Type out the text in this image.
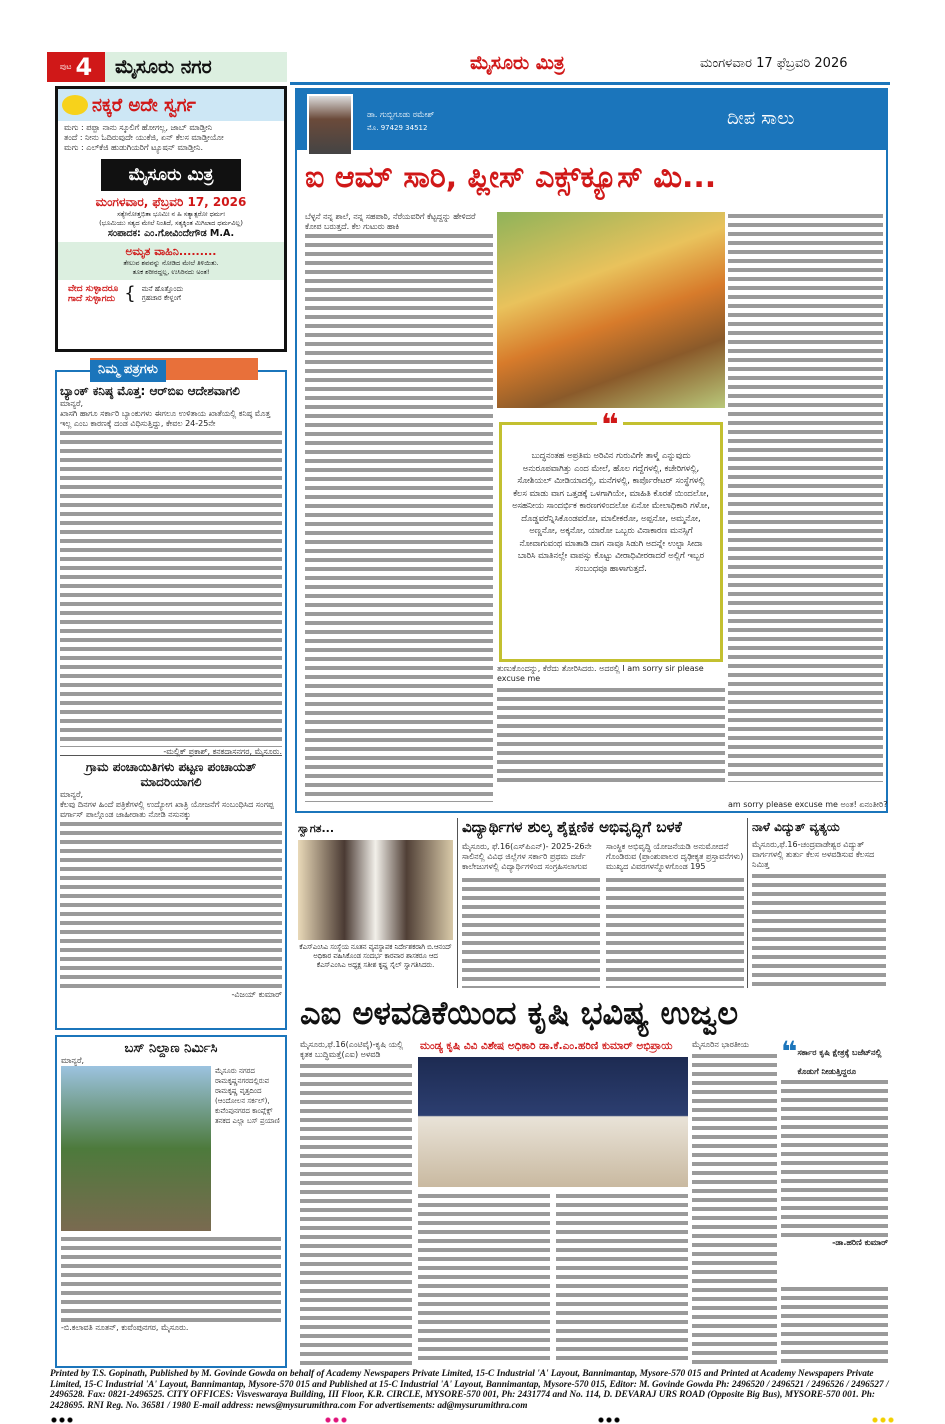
ಪುಟ 4	ಮೈಸೂರು ನಗರ	ಮೈಸೂರು ಮಿತ್ರ	ಮಂಗಳವಾರ 17 ಫೆಬ್ರವರಿ 2026
ನಕ್ಕರೆ ಅದೇ ಸ್ವರ್ಗ
ಮಗು : ಪಪ್ಪಾ ನಾನು ಸ್ಕೂಲಿಗೆ ಹೋಗಲ್ಲ, ಜಾಬ್ ಮಾಡ್ತೀನಿ
ತಂದೆ : ನೀನು ಓದಿರುವುದೇ ಯುಕೆಜಿ, ಏನ್ ಕೆಲಸ ಮಾಡ್ತೀಯೋ
ಮಗು : ಎಲ್‌ಕೆಜಿ ಹುಡುಗಿಯರಿಗೆ ಟ್ಯೂಷನ್ ಮಾಡ್ತೀನಿ.
ಮೈಸೂರು ಮಿತ್ರ
ಮಂಗಳವಾರ, ಫೆಬ್ರವರಿ 17, 2026
ಸತ್ಯೇನೋತ್ತಭಿತಾ ಭೂಮಿಃ ನ ಹಿ ಸತ್ಯಾತ್ಪರೋ ಧರ್ಮಃ
(ಭೂಮಿಯು ಸತ್ಯದ ಮೇಲೆ ನಿಂತಿದೆ, ಸತ್ಯಕ್ಕಿಂತ ಮಿಗಿಲಾದ ಧರ್ಮವಿಲ್ಲ)
ಸಂಪಾದಕ: ಎಂ.ಗೋವಿಂದೇಗೌಡ M.A.
ಅಮೃತ ವಾಹಿನಿ.........
ತೇಲುವ ಶವವನ್ನು ನೋಡಿದ ಮೇಲೆ ತಿಳಿಯಿತು.
ತೂಕ ಶರೀರದ್ದಲ್ಲ, ಉಸಿರಿನದು ಅಂತ!
ವೇದ ಸುಳ್ಳಾದರೂ
ಗಾದೆ ಸುಳ್ಳಾಗದು { ಮನೆ ಹೊತ್ತೊಂದು
ಗ್ರಹಚಾರ ಕೇಳ್ದಂಗೆ
ನಿಮ್ಮ ಪತ್ರಗಳು
ಬ್ಯಾಂಕ್ ಕನಿಷ್ಠ ಮೊತ್ತ: ಆರ್‌ಬಿಐ ಆದೇಶವಾಗಲಿ
ಮಾನ್ಯರೆ,
ಖಾಸಗಿ ಹಾಗೂ ಸರ್ಕಾರಿ ಬ್ಯಾಂಕುಗಳು ಈಗಲೂ ಉಳಿತಾಯ ಖಾತೆಯಲ್ಲಿ ಕನಿಷ್ಠ ಮೊತ್ತ ಇಲ್ಲ ಎಂಬ ಕಾರಣಕ್ಕೆ ದಂಡ ವಿಧಿಸುತ್ತಿದ್ದು, ಕೇವಲ 24-25ನೇ
-ಮಲ್ಲಿಕ್ ಪ್ರಕಾಶ್, ಕನಕದಾಸನಗರ, ಮೈಸೂರು.
ಗ್ರಾಮ ಪಂಚಾಯಿತಿಗಳು ಪಟ್ಟಣ ಪಂಚಾಯತ್ ಮಾದರಿಯಾಗಲಿ
ಮಾನ್ಯರೆ,
ಕೆಲವು ದಿನಗಳ ಹಿಂದೆ ಪತ್ರಿಕೆಗಳಲ್ಲಿ ಉದ್ಯೋಗ ಖಾತ್ರಿ ಯೋಜನೆಗೆ ಸಂಬಂಧಿಸಿದ ಸಂಗಪ್ಪ ವರ್ಗಾಸ್ ಪಾಲ್ಗೊಂಡ ಜಾಹೀರಾತು ನೋಡಿ ನಸುನಕ್ಕು
-ವಿಜಯ್ ಕುಮಾರ್
ಬಸ್ ನಿಲ್ದಾಣ ನಿರ್ಮಿಸಿ
ಮಾನ್ಯರೆ,
ಮೈಸೂರು ನಗರದ ರಾಮಕೃಷ್ಣನಗರದಲ್ಲಿರುವ ರಾಮಕೃಷ್ಣ ವೃತ್ತದಿಂದ (ಆಂದೋಲನ ಸರ್ಕಲ್), ಕುವೆಂಪುನಗರದ ಕಾಂಪ್ಲೆಕ್ಸ್ ತನಕದ ಎಲ್ಲಾ ಬಸ್ ಪ್ರಯಾಣಿ
-ಬಿ.ಕಲಾವತಿ ನೂತನ್, ಕುವೆಂಪುನಗರ, ಮೈಸೂರು.
ಡಾ. ಗುಬ್ಬಿಗೂಡು ರಮೇಶ್
ಮೊ. 97429 34512	ದೀಪ ಸಾಲು
ಐ ಆಮ್ ಸಾರಿ, ಪ್ಲೀಸ್ ಎಕ್ಸ್‌ಕ್ಯೂಸ್ ಮಿ...
ಬೆಳ್ಳನೆ ನನ್ನ ಶಾಲೆ, ನನ್ನ ಸಹಪಾಠಿ, ನೆರೆಯವರಿಗೆ ಕೆಟ್ಟದ್ದನ್ನು ಹೇಳಿದರೆ ಕೋಪ ಬರುತ್ತದೆ. ಕೆಲ ಗುಟುರು ಹಾಕಿ
❝
ಬುದ್ಧನಂತಹ ಅಪ್ರತಿಮ ಅರಿವಿನ ಗುರುವಿಗೇ ತಾಳ್ಮೆ ಎನ್ನುವುದು ಅನುರೂಪವಾಗಿತ್ತು ಎಂದ ಮೇಲೆ, ಹೊಲ ಗದ್ದೆಗಳಲ್ಲಿ, ಕಚೇರಿಗಳಲ್ಲಿ, ಸೋಶಿಯಲ್ ಮೀಡಿಯಾದಲ್ಲಿ, ಮನೆಗಳಲ್ಲಿ, ಕಾರ್ಪೊರೇಟರ್ ಸಂಸ್ಥೆಗಳಲ್ಲಿ ಕೆಲಸ ಮಾಡು ವಾಗ ಒತ್ತಡಕ್ಕೆ ಒಳಗಾಗಿಯೇ, ಮಾಹಿತಿ ಕೊರತೆ ಯಿಂದಲೋ, ಅಸಹನೀಯ ಸಾಂದರ್ಭಿಕ ಕಾರಣಗಳಿಂದಲೋ ಏನೋ ಮೇಲಾಧಿಕಾರಿ ಗಳೋ, ದೊಡ್ಡವರೆನ್ನಿಸಿಕೊಂಡವರೋ, ಮಾಲೀಕರೋ, ಅಪ್ಪನೋ, ಅಮ್ಮನೋ, ಅಣ್ಣನೋ, ಅಕ್ಕನೋ, ಯಾರೋ ಒಬ್ಬರು ವಿನಾಕಾರಣ ಮನಸ್ಸಿಗೆ ನೋವಾಗುವಂಥ ಮಾತಾಡಿ ದಾಗ ನಾವೂ ಸಿಡುಗಿ ಅದನ್ನೇ ಉಲ್ಟಾ ಸೀದಾ ಬಾರಿಸಿ ಮಾತಿನಲ್ಲೇ ವಾಪಸ್ಸು ಕೊಟ್ಟು ವೀರಾಧಿವೀರರಾದರೆ ಅಲ್ಲಿಗೆ ಇಬ್ಬರ ಸಂಬಂಧವೂ ಹಾಳಾಗುತ್ತದೆ.
ತುಣುಕೊಂದನ್ನು, ಕೆರೆದು ತೋರಿಸಿದರು. ಅದರಲ್ಲಿ I am sorry sir please excuse me
am sorry please excuse me ಅಂತ! ಏನಂತೀರಿ?
ಸ್ವಾಗತ...
ಕೆಎಸ್‌ಎಂಸಿಎ ಸಂಸ್ಥೆಯ ನೂತನ ವ್ಯವಸ್ಥಾಪಕ ನಿರ್ದೇಶಕರಾಗಿ ಬಿ.ಆನಂದ್ ಅಧಿಕಾರ ವಹಿಸಿಕೊಂಡ ಸಂದರ್ಭ ಕಾರವಾರ ಶಾಸಕರೂ ಆದ ಕೆಎಸ್‌ಎಂಸಿಎ ಅಧ್ಯಕ್ಷ ಸತೀಶ ಕೃಷ್ಣ ಸೈಲ್ ಸ್ವಾಗತಿಸಿದರು.
ವಿದ್ಯಾರ್ಥಿಗಳ ಶುಲ್ಕ ಶೈಕ್ಷಣಿಕ ಅಭಿವೃದ್ಧಿಗೆ ಬಳಕೆ
ಮೈಸೂರು, ಫೆ.16(ಎಸ್‌ಪಿಎನ್)- 2025-26ನೇ ಸಾಲಿನಲ್ಲಿ ವಿವಿಧ ಜಿಲ್ಲೆಗಳ ಸರ್ಕಾರಿ ಪ್ರಥಮ ದರ್ಜೆ ಕಾಲೇಜುಗಳಲ್ಲಿ ವಿದ್ಯಾರ್ಥಿಗಳಿಂದ ಸಂಗ್ರಹಿಸಲಾಗುವ
ಸಾಂಸ್ಥಿಕ ಅಭಿವೃದ್ಧಿ ಯೋಜನೆಯಡಿ ಅನುಮೋದನೆ ಗೊಂಡಿರುವ (ಪ್ರಾಂಶುಪಾಲರ ದೃಢೀಕೃತ ಪ್ರಸ್ತಾವನೆಗಳು) ಮುಖ್ಯದ ವಿವರಗಳನ್ನೊಳಗೊಂಡ 195
ನಾಳೆ ವಿದ್ಯುತ್ ವ್ಯತ್ಯಯ
ಮೈಸೂರು,ಫೆ.16-ಚಂದ್ರವಾಡೇಶ್ವರ ವಿದ್ಯುತ್ ವಾರ್ಗಗಳಲ್ಲಿ ತುರ್ತು ಕೆಲಸ ಅಳವಡಿಸುವ ಕೆಲಸದ ನಿಮಿತ್ತ
ಎಐ ಅಳವಡಿಕೆಯಿಂದ ಕೃಷಿ ಭವಿಷ್ಯ ಉಜ್ವಲ
ಮೈಸೂರು,ಫೆ.16(ಎಂಟಿವೈ)-ಕೃಷಿ ಯಲ್ಲಿ ಕೃತಕ ಬುದ್ಧಿಮತ್ತೆ(ಎಐ) ಅಳವಡಿ
ಮಂಡ್ಯ ಕೃಷಿ ವಿವಿ ವಿಶೇಷ ಅಧಿಕಾರಿ ಡಾ.ಕೆ.ಎಂ.ಹರಿಣಿ ಕುಮಾರ್ ಅಭಿಪ್ರಾಯ ಮೈಸೂರಿನ ಭಾರತೀಯ	❝ ಸರ್ಕಾರ ಕೃಷಿ ಕ್ಷೇತ್ರಕ್ಕೆ ಬಜೆಟ್‌ನಲ್ಲಿ ಕೊಡುಗೆ ನೀಡುತ್ತಿದ್ದರೂ
-ಡಾ.ಹರಿಣಿ ಕುಮಾರ್
Printed by T.S. Gopinath, Published by M. Govinde Gowda on behalf of Academy Newspapers Private Limited, 15-C Industrial 'A' Layout, Bannimantap, Mysore-570 015 and Printed at Academy Newspapers Private Limited, 15-C Industrial 'A' Layout, Bannimantap, Mysore-570 015 and Published at 15-C Industrial 'A' Layout, Bannimantap, Mysore-570 015, Editor: M. Govinde Gowda Ph: 2496520 / 2496521 / 2496526 / 2496527 / 2496528. Fax: 0821-2496525. CITY OFFICES: Visveswaraya Building, III Floor, K.R. CIRCLE, MYSORE-570 001, Ph: 2431774 and No. 114, D. DEVARAJ URS ROAD (Opposite Big Bus), MYSORE-570 001. Ph: 2428695. RNI Reg. No. 36581 / 1980 E-mail address: news@mysurumithra.com For advertisements: ad@mysurumithra.com
